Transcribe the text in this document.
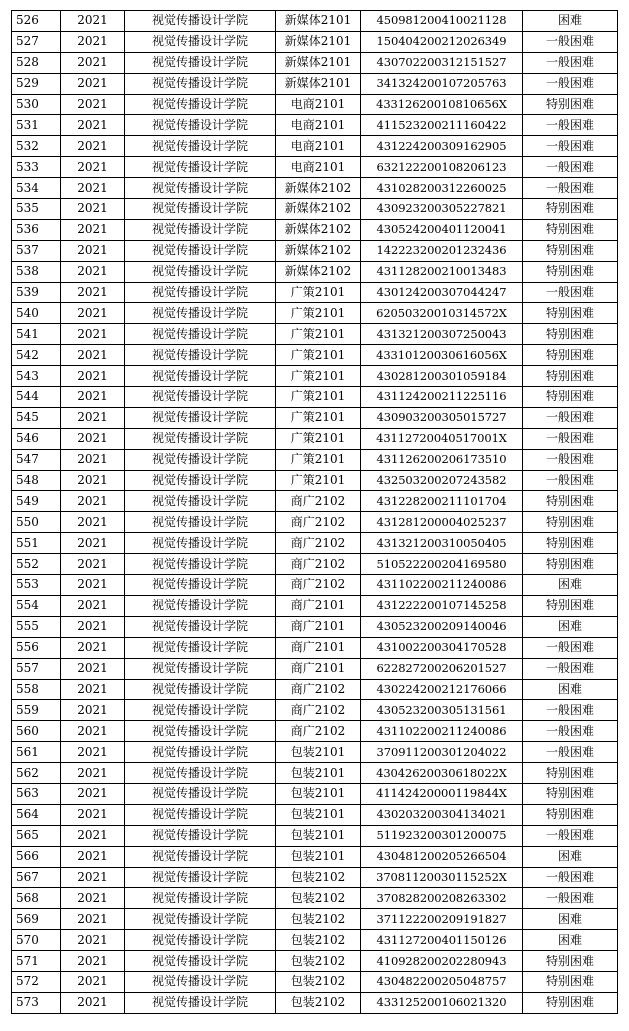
526	2021	视觉传播设计学院	新媒体2101	450981200410021128	困难
527	2021	视觉传播设计学院	新媒体2101	150404200212026349	一般困难
528	2021	视觉传播设计学院	新媒体2101	430702200312151527	一般困难
529	2021	视觉传播设计学院	新媒体2101	341324200107205763	一般困难
530	2021	视觉传播设计学院	电商2101	43312620010810656X	特别困难
531	2021	视觉传播设计学院	电商2101	411523200211160422	一般困难
532	2021	视觉传播设计学院	电商2101	431224200309162905	一般困难
533	2021	视觉传播设计学院	电商2101	632122200108206123	一般困难
534	2021	视觉传播设计学院	新媒体2102	431028200312260025	一般困难
535	2021	视觉传播设计学院	新媒体2102	430923200305227821	特别困难
536	2021	视觉传播设计学院	新媒体2102	430524200401120041	特别困难
537	2021	视觉传播设计学院	新媒体2102	142223200201232436	特别困难
538	2021	视觉传播设计学院	新媒体2102	431128200210013483	特别困难
539	2021	视觉传播设计学院	广策2101	430124200307044247	一般困难
540	2021	视觉传播设计学院	广策2101	62050320010314572X	特别困难
541	2021	视觉传播设计学院	广策2101	431321200307250043	特别困难
542	2021	视觉传播设计学院	广策2101	43310120030616056X	特别困难
543	2021	视觉传播设计学院	广策2101	430281200301059184	特别困难
544	2021	视觉传播设计学院	广策2101	431124200211225116	特别困难
545	2021	视觉传播设计学院	广策2101	430903200305015727	一般困难
546	2021	视觉传播设计学院	广策2101	43112720040517001X	一般困难
547	2021	视觉传播设计学院	广策2101	431126200206173510	一般困难
548	2021	视觉传播设计学院	广策2101	432503200207243582	一般困难
549	2021	视觉传播设计学院	商广2102	431228200211101704	特别困难
550	2021	视觉传播设计学院	商广2102	431281200004025237	特别困难
551	2021	视觉传播设计学院	商广2102	431321200310050405	特别困难
552	2021	视觉传播设计学院	商广2102	510522200204169580	特别困难
553	2021	视觉传播设计学院	商广2102	431102200211240086	困难
554	2021	视觉传播设计学院	商广2101	431222200107145258	特别困难
555	2021	视觉传播设计学院	商广2101	430523200209140046	困难
556	2021	视觉传播设计学院	商广2101	431002200304170528	一般困难
557	2021	视觉传播设计学院	商广2101	622827200206201527	一般困难
558	2021	视觉传播设计学院	商广2102	430224200212176066	困难
559	2021	视觉传播设计学院	商广2102	430523200305131561	一般困难
560	2021	视觉传播设计学院	商广2102	431102200211240086	一般困难
561	2021	视觉传播设计学院	包装2101	370911200301204022	一般困难
562	2021	视觉传播设计学院	包装2101	43042620030618022X	特别困难
563	2021	视觉传播设计学院	包装2101	41142420000119844X	特别困难
564	2021	视觉传播设计学院	包装2101	430203200304134021	特别困难
565	2021	视觉传播设计学院	包装2101	511923200301200075	一般困难
566	2021	视觉传播设计学院	包装2101	430481200205266504	困难
567	2021	视觉传播设计学院	包装2102	37081120030115252X	一般困难
568	2021	视觉传播设计学院	包装2102	370828200208263302	一般困难
569	2021	视觉传播设计学院	包装2102	371122200209191827	困难
570	2021	视觉传播设计学院	包装2102	431127200401150126	困难
571	2021	视觉传播设计学院	包装2102	410928200202280943	特别困难
572	2021	视觉传播设计学院	包装2102	430482200205048757	特别困难
573	2021	视觉传播设计学院	包装2102	433125200106021320	特别困难
